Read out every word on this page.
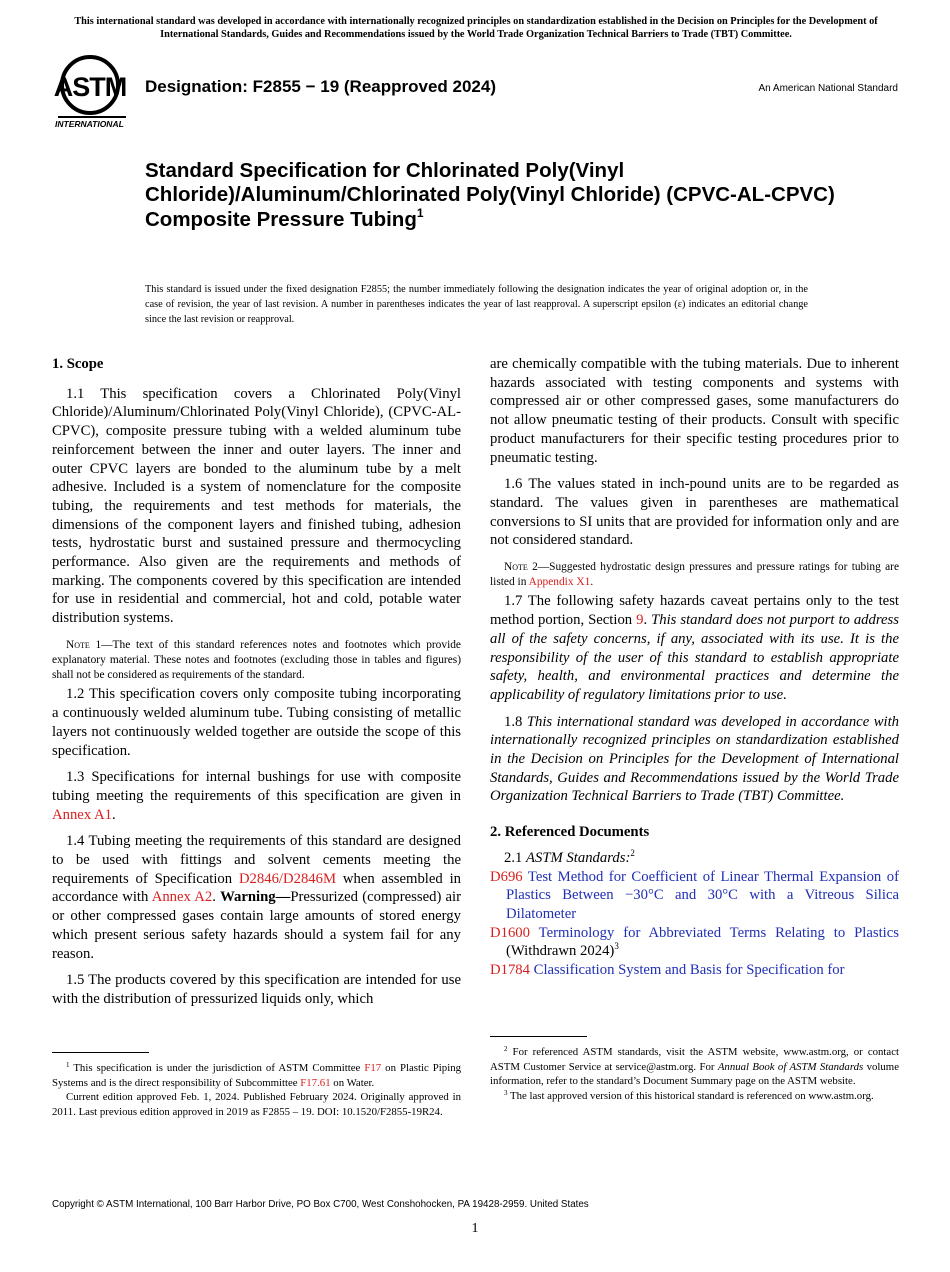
This international standard was developed in accordance with internationally recognized principles on standardization established in the Decision on Principles for the Development of International Standards, Guides and Recommendations issued by the World Trade Organization Technical Barriers to Trade (TBT) Committee.
ASTM
INTERNATIONAL
Designation: F2855 − 19 (Reapproved 2024)	An American National Standard
Standard Specification for Chlorinated Poly(Vinyl Chloride)/Aluminum/Chlorinated Poly(Vinyl Chloride) (CPVC-AL-CPVC) Composite Pressure Tubing$^1$
This standard is issued under the fixed designation F2855; the number immediately following the designation indicates the year of original adoption or, in the case of revision, the year of last revision. A number in parentheses indicates the year of last reapproval. A superscript epsilon (ε) indicates an editorial change since the last revision or reapproval.
1. Scope

1.1 This specification covers a Chlorinated Poly(Vinyl Chloride)/Aluminum/Chlorinated Poly(Vinyl Chloride), (CPVC-AL-CPVC), composite pressure tubing with a welded aluminum tube reinforcement between the inner and outer layers. The inner and outer CPVC layers are bonded to the aluminum tube by a melt adhesive. Included is a system of nomenclature for the composite tubing, the requirements and test methods for materials, the dimensions of the component layers and finished tubing, adhesion tests, hydrostatic burst and sustained pressure and thermocycling performance. Also given are the requirements and methods of marking. The components covered by this specification are intended for use in residential and commercial, hot and cold, potable water distribution systems.

Note 1—The text of this standard references notes and footnotes which provide explanatory material. These notes and footnotes (excluding those in tables and figures) shall not be considered as requirements of the standard.

1.2 This specification covers only composite tubing incorporating a continuously welded aluminum tube. Tubing consisting of metallic layers not continuously welded together are outside the scope of this specification.

1.3 Specifications for internal bushings for use with composite tubing meeting the requirements of this specification are given in Annex A1.

1.4 Tubing meeting the requirements of this standard are designed to be used with fittings and solvent cements meeting the requirements of Specification D2846/D2846M when assembled in accordance with Annex A2. Warning—Pressurized (compressed) air or other compressed gases contain large amounts of stored energy which present serious safety hazards should a system fail for any reason.

1.5 The products covered by this specification are intended for use with the distribution of pressurized liquids only, which

are chemically compatible with the tubing materials. Due to inherent hazards associated with testing components and systems with compressed air or other compressed gases, some manufacturers do not allow pneumatic testing of their products. Consult with specific product manufacturers for their specific testing procedures prior to pneumatic testing.

1.6 The values stated in inch-pound units are to be regarded as standard. The values given in parentheses are mathematical conversions to SI units that are provided for information only and are not considered standard.

Note 2—Suggested hydrostatic design pressures and pressure ratings for tubing are listed in Appendix X1.

1.7 The following safety hazards caveat pertains only to the test method portion, Section 9. This standard does not purport to address all of the safety concerns, if any, associated with its use. It is the responsibility of the user of this standard to establish appropriate safety, health, and environmental practices and determine the applicability of regulatory limitations prior to use.

1.8 This international standard was developed in accordance with internationally recognized principles on standardization established in the Decision on Principles for the Development of International Standards, Guides and Recommendations issued by the World Trade Organization Technical Barriers to Trade (TBT) Committee.

2. Referenced Documents

2.1 ASTM Standards:$^2$

D696 Test Method for Coefficient of Linear Thermal Expansion of Plastics Between −30°C and 30°C with a Vitreous Silica Dilatometer

D1600 Terminology for Abbreviated Terms Relating to Plastics (Withdrawn 2024)$^3$

D1784 Classification System and Basis for Specification for

$^1$ This specification is under the jurisdiction of ASTM Committee F17 on Plastic Piping Systems and is the direct responsibility of Subcommittee F17.61 on Water.

Current edition approved Feb. 1, 2024. Published February 2024. Originally approved in 2011. Last previous edition approved in 2019 as F2855 – 19. DOI: 10.1520/F2855-19R24.

$^2$ For referenced ASTM standards, visit the ASTM website, www.astm.org, or contact ASTM Customer Service at service@astm.org. For Annual Book of ASTM Standards volume information, refer to the standard’s Document Summary page on the ASTM website.

$^3$ The last approved version of this historical standard is referenced on www.astm.org.

Copyright © ASTM International, 100 Barr Harbor Drive, PO Box C700, West Conshohocken, PA 19428-2959. United States
1
